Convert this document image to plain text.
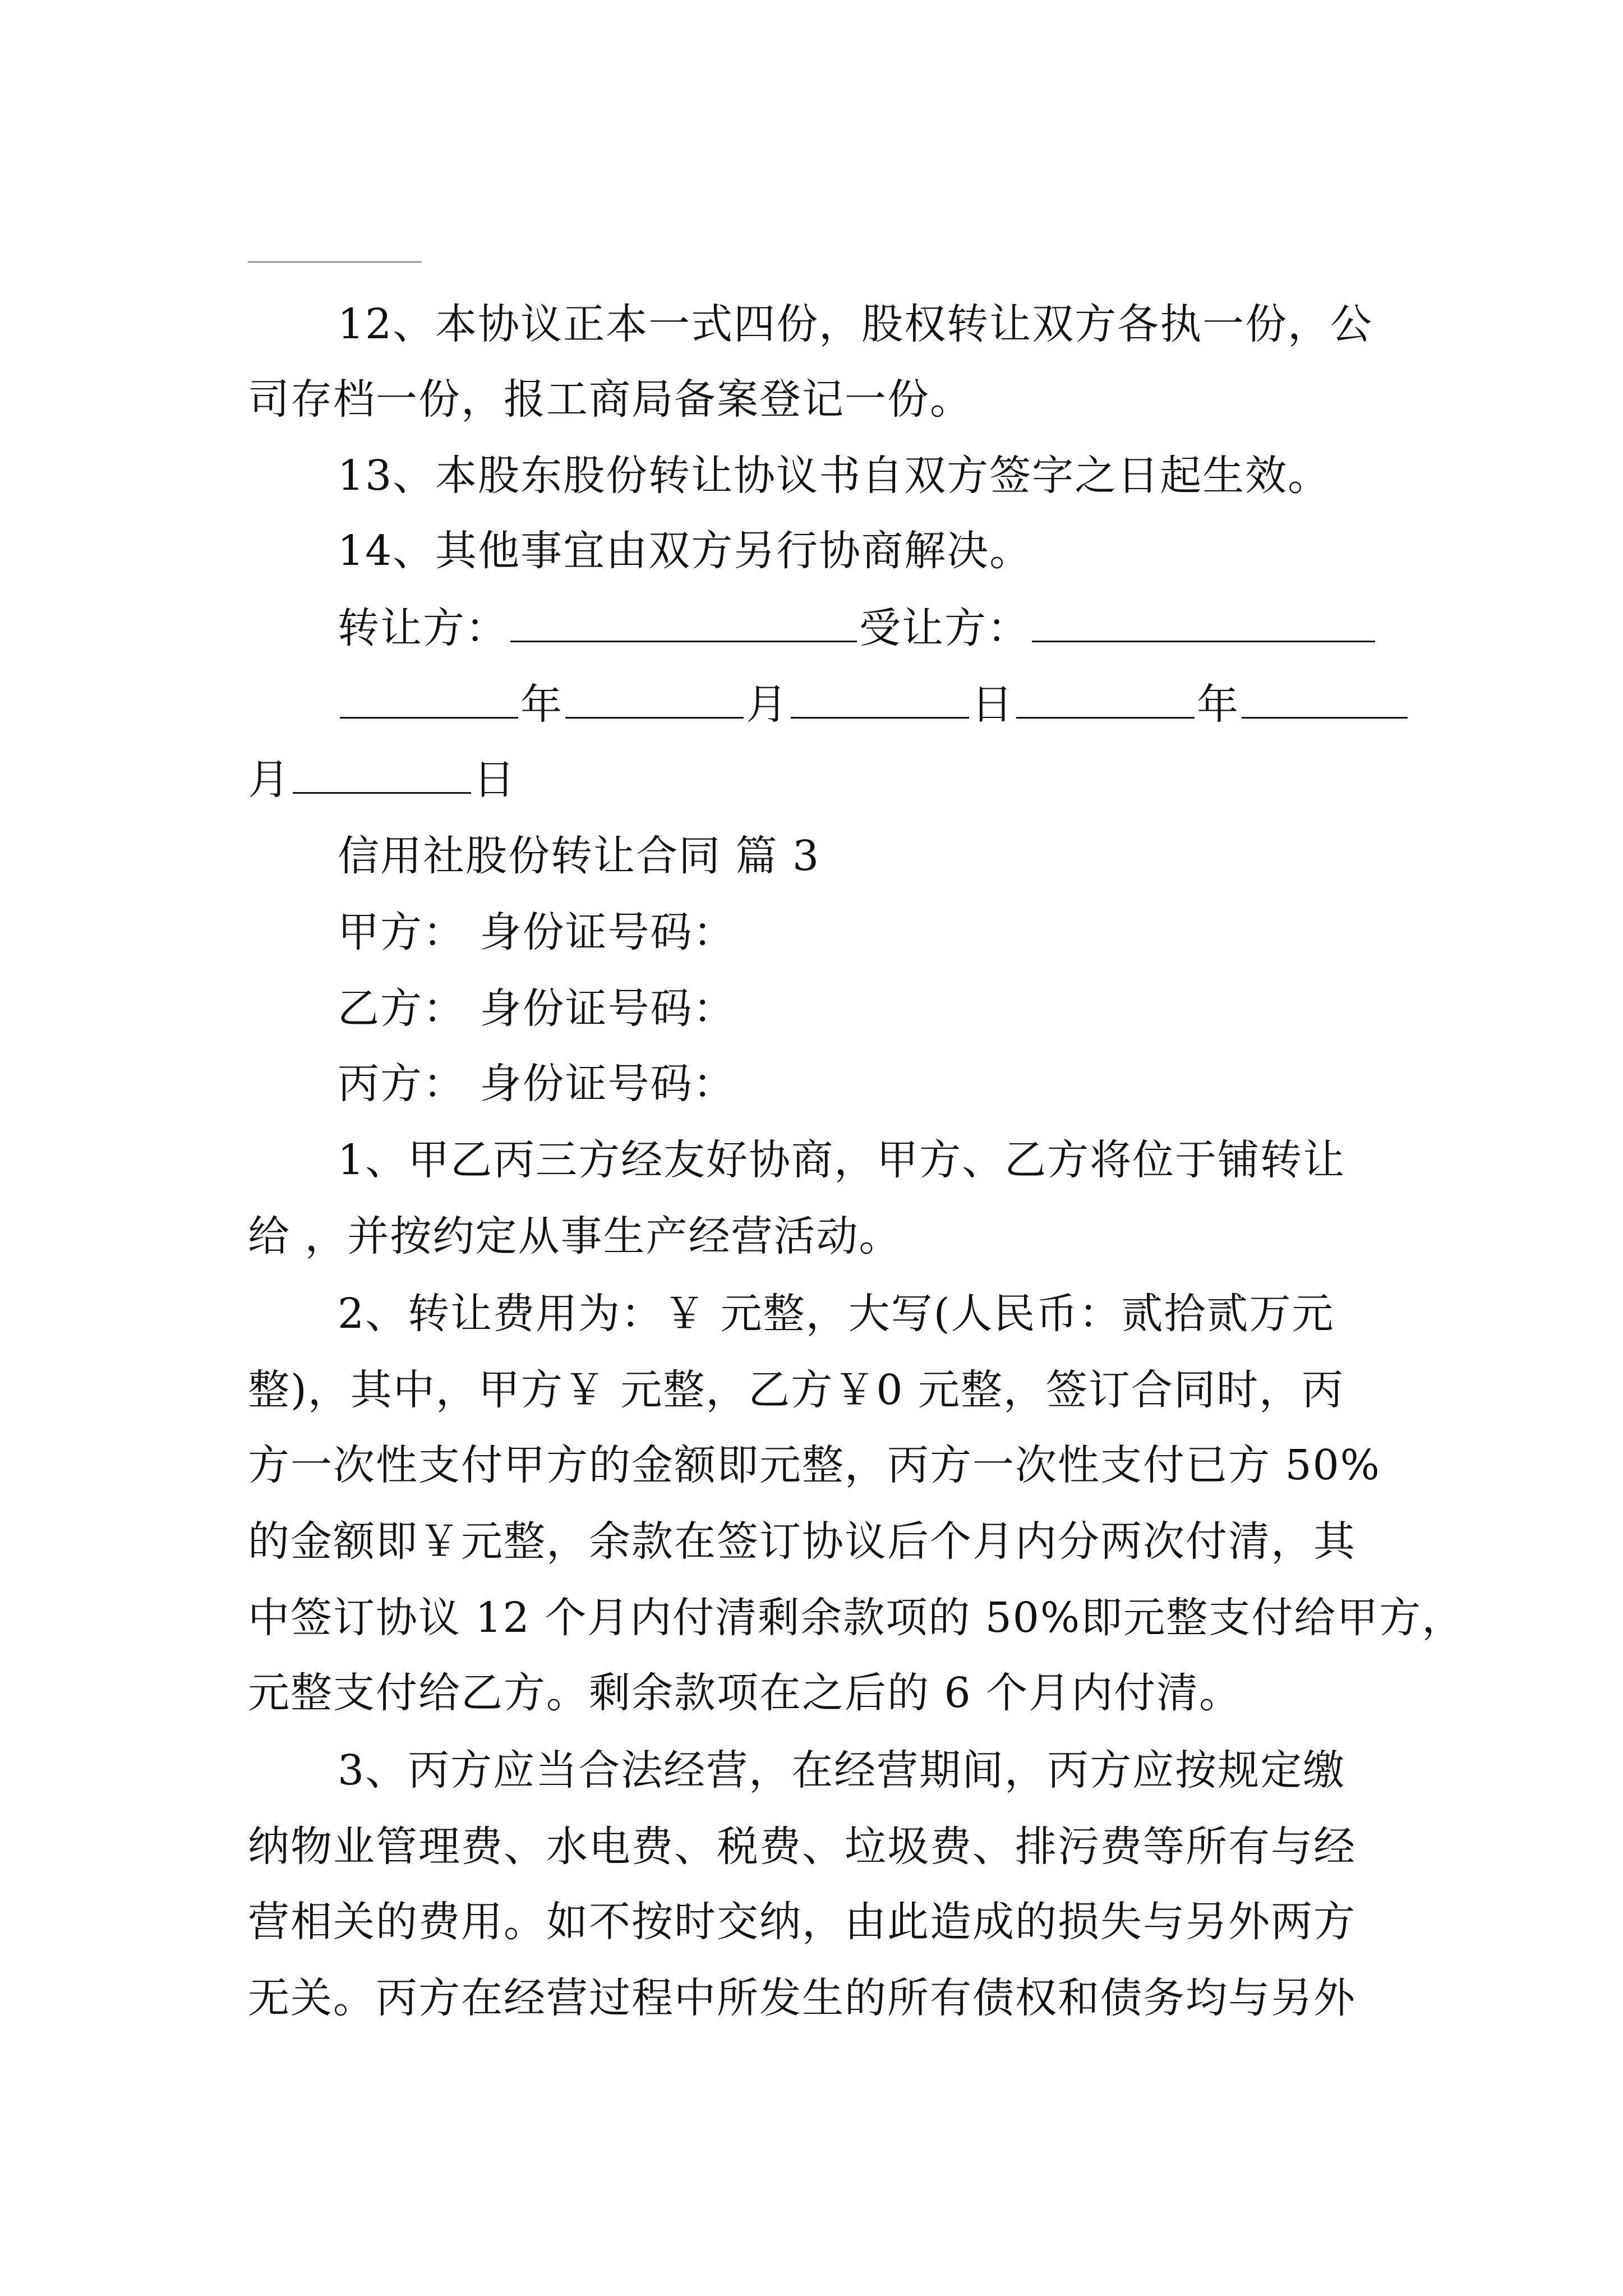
12、本协议正本一式四份，股权转让双方各执一份，公
司存档一份，报工商局备案登记一份。
13、本股东股份转让协议书自双方签字之日起生效。
14、其他事宜由双方另行协商解决。
转让方：	受让方：
年	月	日	年
月	日
信用社股份转让合同 篇 3
甲方： 身份证号码：
乙方： 身份证号码：
丙方： 身份证号码：
1、甲乙丙三方经友好协商，甲方、乙方将位于铺转让
给 ，并按约定从事生产经营活动。
2、转让费用为：￥ 元整，大写(人民币：贰拾贰万元
整)，其中，甲方￥ 元整，乙方￥0 元整，签订合同时，丙
方一次性支付甲方的金额即元整，丙方一次性支付已方 50%
的金额即￥元整，余款在签订协议后个月内分两次付清，其
中签订协议 12 个月内付清剩余款项的 50%即元整支付给甲方，
元整支付给乙方。剩余款项在之后的 6 个月内付清。
3、丙方应当合法经营，在经营期间，丙方应按规定缴
纳物业管理费、水电费、税费、垃圾费、排污费等所有与经
营相关的费用。如不按时交纳，由此造成的损失与另外两方
无关。丙方在经营过程中所发生的所有债权和债务均与另外
